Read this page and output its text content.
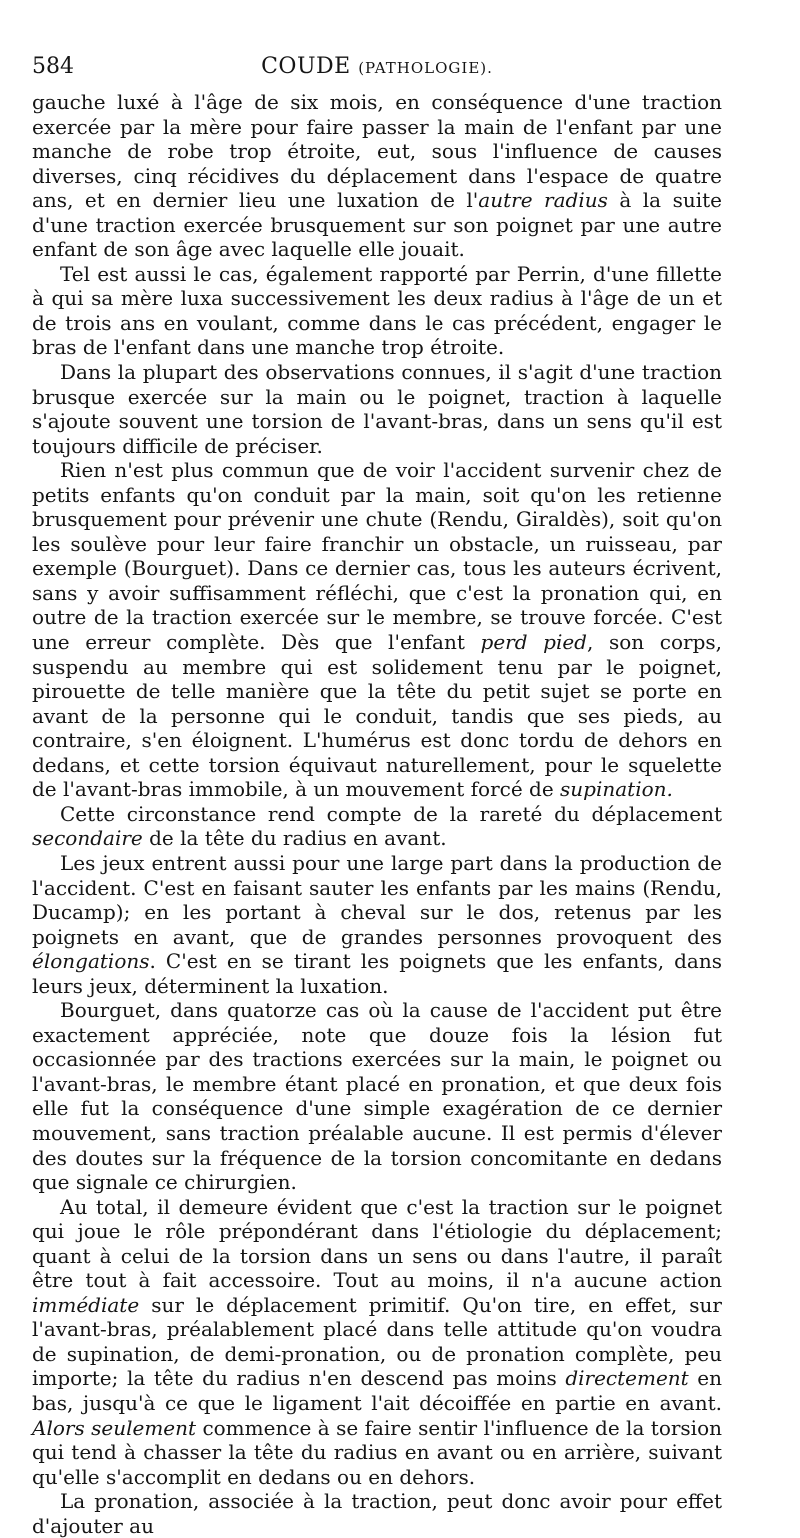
584	COUDE (PATHOLOGIE).

gauche luxé à l'âge de six mois, en conséquence d'une traction exercée par la mère pour faire passer la main de l'enfant par une manche de robe trop étroite, eut, sous l'influence de causes diverses, cinq récidives du déplacement dans l'espace de quatre ans, et en dernier lieu une luxation de l'autre radius à la suite d'une traction exercée brusquement sur son poignet par une autre enfant de son âge avec laquelle elle jouait.

Tel est aussi le cas, également rapporté par Perrin, d'une fillette à qui sa mère luxa successivement les deux radius à l'âge de un et de trois ans en voulant, comme dans le cas précédent, engager le bras de l'enfant dans une manche trop étroite.

Dans la plupart des observations connues, il s'agit d'une traction brusque exercée sur la main ou le poignet, traction à laquelle s'ajoute souvent une torsion de l'avant-bras, dans un sens qu'il est toujours difficile de préciser.

Rien n'est plus commun que de voir l'accident survenir chez de petits enfants qu'on conduit par la main, soit qu'on les retienne brusquement pour prévenir une chute (Rendu, Giraldès), soit qu'on les soulève pour leur faire franchir un obstacle, un ruisseau, par exemple (Bourguet). Dans ce dernier cas, tous les auteurs écrivent, sans y avoir suffisamment réfléchi, que c'est la pronation qui, en outre de la traction exercée sur le membre, se trouve forcée. C'est une erreur complète. Dès que l'enfant perd pied, son corps, suspendu au membre qui est solidement tenu par le poignet, pirouette de telle manière que la tête du petit sujet se porte en avant de la personne qui le conduit, tandis que ses pieds, au contraire, s'en éloignent. L'humérus est donc tordu de dehors en dedans, et cette torsion équivaut naturellement, pour le squelette de l'avant-bras immobile, à un mouvement forcé de supination.

Cette circonstance rend compte de la rareté du déplacement secondaire de la tête du radius en avant.

Les jeux entrent aussi pour une large part dans la production de l'accident. C'est en faisant sauter les enfants par les mains (Rendu, Ducamp); en les portant à cheval sur le dos, retenus par les poignets en avant, que de grandes personnes provoquent des élongations. C'est en se tirant les poignets que les enfants, dans leurs jeux, déterminent la luxation.

Bourguet, dans quatorze cas où la cause de l'accident put être exactement appréciée, note que douze fois la lésion fut occasionnée par des tractions exercées sur la main, le poignet ou l'avant-bras, le membre étant placé en pronation, et que deux fois elle fut la conséquence d'une simple exagération de ce dernier mouvement, sans traction préalable aucune. Il est permis d'élever des doutes sur la fréquence de la torsion concomitante en dedans que signale ce chirurgien.

Au total, il demeure évident que c'est la traction sur le poignet qui joue le rôle prépondérant dans l'étiologie du déplacement; quant à celui de la torsion dans un sens ou dans l'autre, il paraît être tout à fait accessoire. Tout au moins, il n'a aucune action immédiate sur le déplacement primitif. Qu'on tire, en effet, sur l'avant-bras, préalablement placé dans telle attitude qu'on voudra de supination, de demi-pronation, ou de pronation complète, peu importe; la tête du radius n'en descend pas moins directement en bas, jusqu'à ce que le ligament l'ait décoiffée en partie en avant. Alors seulement commence à se faire sentir l'influence de la torsion qui tend à chasser la tête du radius en avant ou en arrière, suivant qu'elle s'accomplit en dedans ou en dehors.

La pronation, associée à la traction, peut donc avoir pour effet d'ajouter au
